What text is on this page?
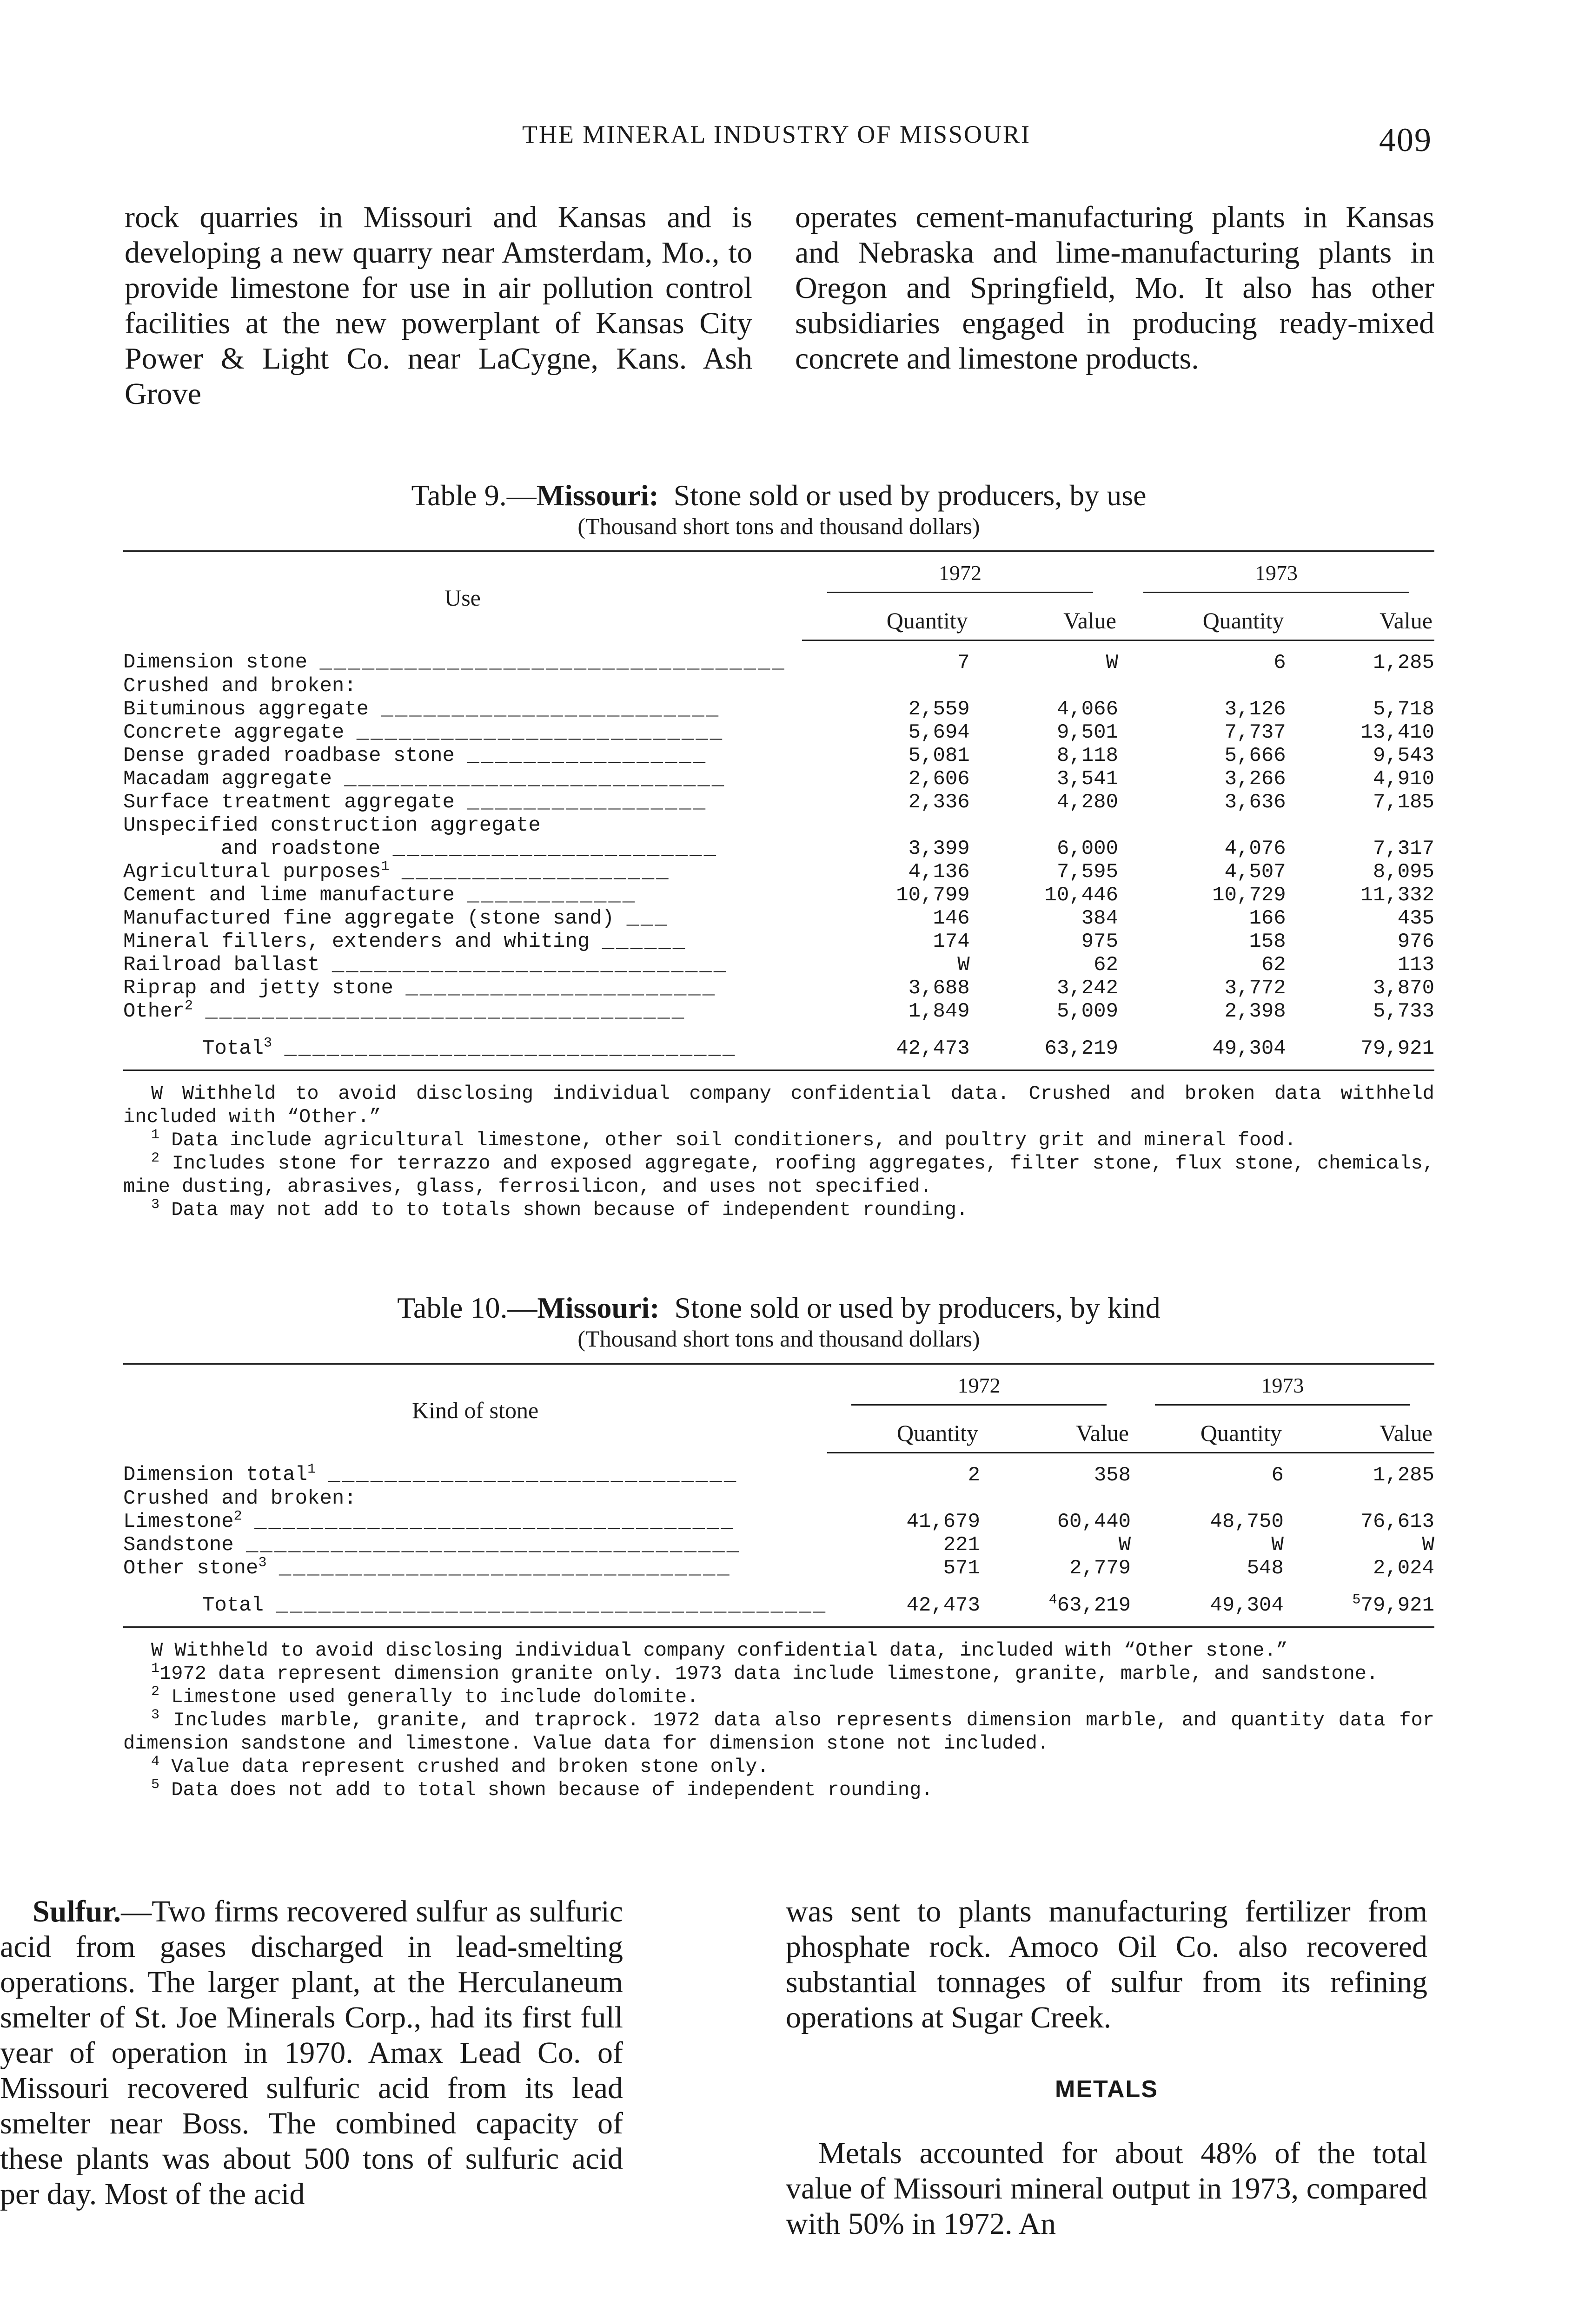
THE MINERAL INDUSTRY OF MISSOURI	409

rock quarries in Missouri and Kansas and is developing a new quarry near Amsterdam, Mo., to provide limestone for use in air pollution control facilities at the new powerplant of Kansas City Power & Light Co. near LaCygne, Kans. Ash Grove

operates cement-manufacturing plants in Kansas and Nebraska and lime-manufacturing plants in Oregon and Springfield, Mo. It also has other subsidiaries engaged in producing ready-mixed concrete and limestone products.

Table 9.—Missouri: Stone sold or used by producers, by use
(Thousand short tons and thousand dollars)
Use	1972		1973	
	Quantity	Value	Quantity	Value
Dimension stone _________________________________	7	W	6	1,285
Crushed and broken:				
Bituminous aggregate ________________________	2,559	4,066	3,126	5,718
Concrete aggregate __________________________	5,694	9,501	7,737	13,410
Dense graded roadbase stone _________________	5,081	8,118	5,666	9,543
Macadam aggregate ___________________________	2,606	3,541	3,266	4,910
Surface treatment aggregate _________________	2,336	4,280	3,636	7,185
Unspecified construction aggregate				
and roadstone _______________________	3,399	6,000	4,076	7,317
Agricultural purposes$^1$ ___________________	4,136	7,595	4,507	8,095
Cement and lime manufacture ____________	10,799	10,446	10,729	11,332
Manufactured fine aggregate (stone sand) ___	146	384	166	435
Mineral fillers, extenders and whiting ______	174	975	158	976
Railroad ballast ____________________________	W	62	62	113
Riprap and jetty stone ______________________	3,688	3,242	3,772	3,870
Other$^2$ __________________________________	1,849	5,009	2,398	5,733
Total$^3$ ________________________________	42,473	63,219	49,304	79,921

W Withheld to avoid disclosing individual company confidential data. Crushed and broken data withheld included with “Other.”

$^1$ Data include agricultural limestone, other soil conditioners, and poultry grit and mineral food.

$^2$ Includes stone for terrazzo and exposed aggregate, roofing aggregates, filter stone, flux stone, chemicals, mine dusting, abrasives, glass, ferrosilicon, and uses not specified.

$^3$ Data may not add to to totals shown because of independent rounding.

Table 10.—Missouri: Stone sold or used by producers, by kind
(Thousand short tons and thousand dollars)
Kind of stone	1972		1973	
	Quantity	Value	Quantity	Value
Dimension total$^1$ _____________________________	2	358	6	1,285
Crushed and broken:				
Limestone$^2$ __________________________________	41,679	60,440	48,750	76,613
Sandstone ___________________________________	221	W	W	W
Other stone$^3$ ________________________________	571	2,779	548	2,024
Total _______________________________________	42,473	$^4$63,219	49,304	$^5$79,921

W Withheld to avoid disclosing individual company confidential data, included with “Other stone.”

$^1$1972 data represent dimension granite only. 1973 data include limestone, granite, marble, and sandstone.

$^2$ Limestone used generally to include dolomite.

$^3$ Includes marble, granite, and traprock. 1972 data also represents dimension marble, and quantity data for dimension sandstone and limestone. Value data for dimension stone not included.

$^4$ Value data represent crushed and broken stone only.

$^5$ Data does not add to total shown because of independent rounding.

Sulfur.—Two firms recovered sulfur as sulfuric acid from gases discharged in lead-smelting operations. The larger plant, at the Herculaneum smelter of St. Joe Minerals Corp., had its first full year of operation in 1970. Amax Lead Co. of Missouri recovered sulfuric acid from its lead smelter near Boss. The combined capacity of these plants was about 500 tons of sulfuric acid per day. Most of the acid

was sent to plants manufacturing fertilizer from phosphate rock. Amoco Oil Co. also recovered substantial tonnages of sulfur from its refining operations at Sugar Creek.

METALS

Metals accounted for about 48% of the total value of Missouri mineral output in 1973, compared with 50% in 1972. An
